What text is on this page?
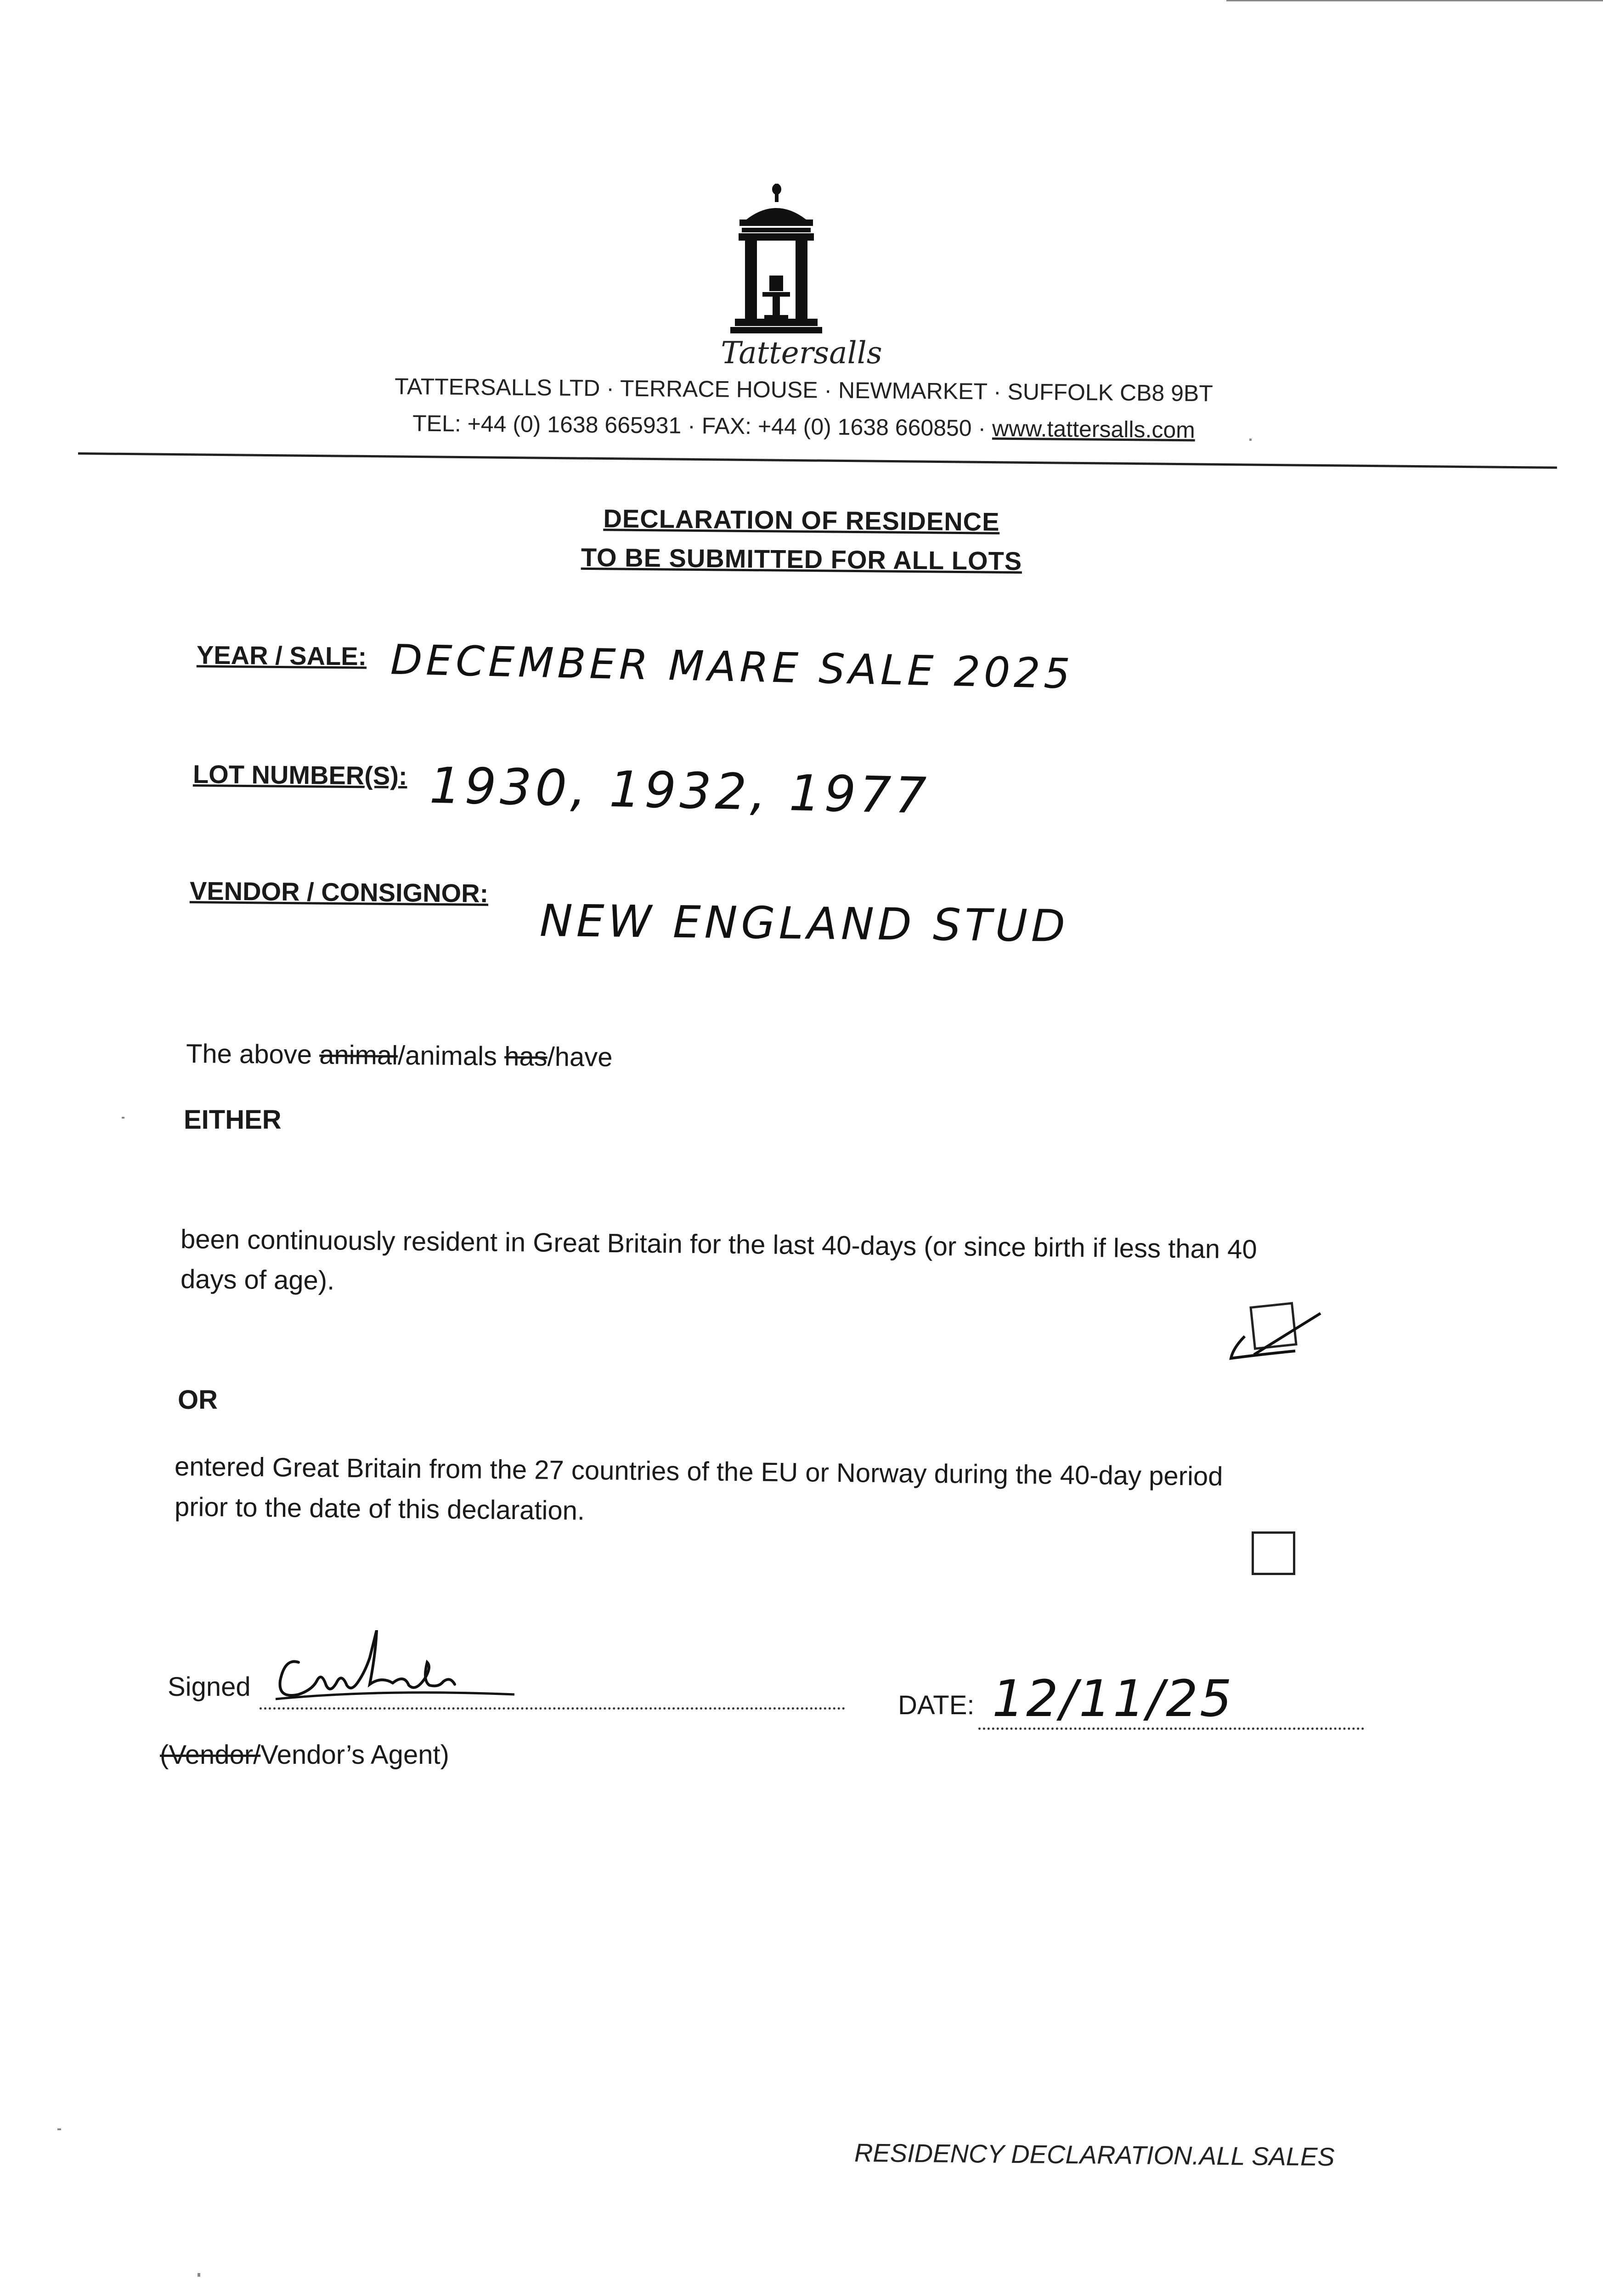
Tattersalls
TATTERSALLS LTD · TERRACE HOUSE · NEWMARKET · SUFFOLK CB8 9BT
TEL: +44 (0) 1638 665931 · FAX: +44 (0) 1638 660850 · www.tattersalls.com
DECLARATION OF RESIDENCE
TO BE SUBMITTED FOR ALL LOTS
YEAR / SALE: DECEMBER MARE SALE 2025
LOT NUMBER(S): 1930, 1932, 1977
VENDOR / CONSIGNOR:
NEW ENGLAND STUD
The above animal/animals has/have
EITHER
been continuously resident in Great Britain for the last 40-days (or since birth if less than 40
days of age).
OR
entered Great Britain from the 27 countries of the EU or Norway during the 40-day period
prior to the date of this declaration.
Signed
DATE: 12/11/25
(Vendor/Vendor’s Agent)
RESIDENCY DECLARATION.ALL SALES
